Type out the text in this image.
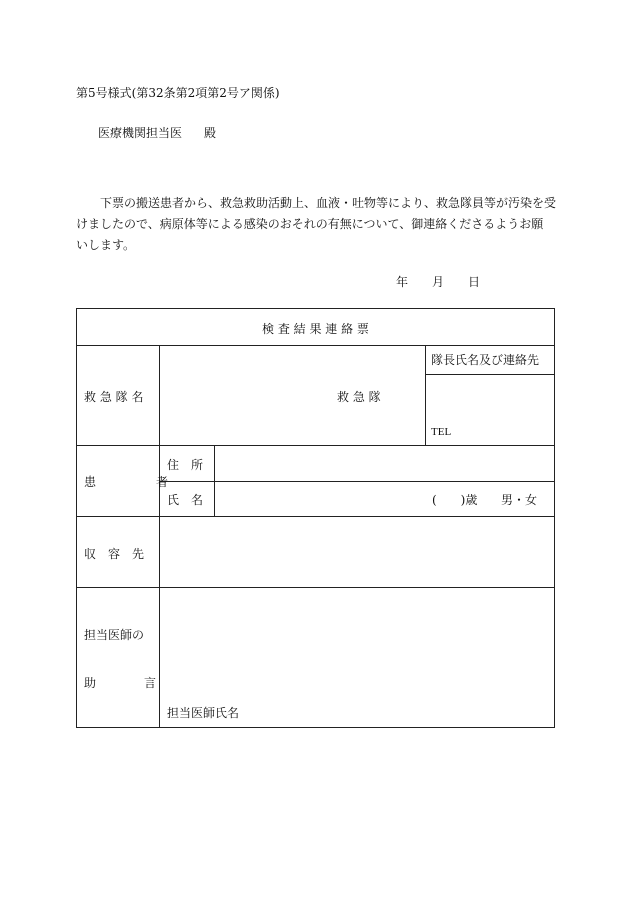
第5号様式(第32条第2項第2号ア関係)
医療機関担当医 殿
下票の搬送患者から、救急救助活動上、血液・吐物等により、救急隊員等が汚染を受
けましたので、病原体等による感染のおそれの有無について、御連絡くださるようお願
いします。
年 月 日
検 査 結 果 連 絡 票
救 急 隊 名	救 急 隊
隊長氏名及び連絡先
TEL
患　　　　　者
住　所
氏　名	(　　)歳 男・女
収　容　先
担当医師の
助　　　　言
担当医師氏名
